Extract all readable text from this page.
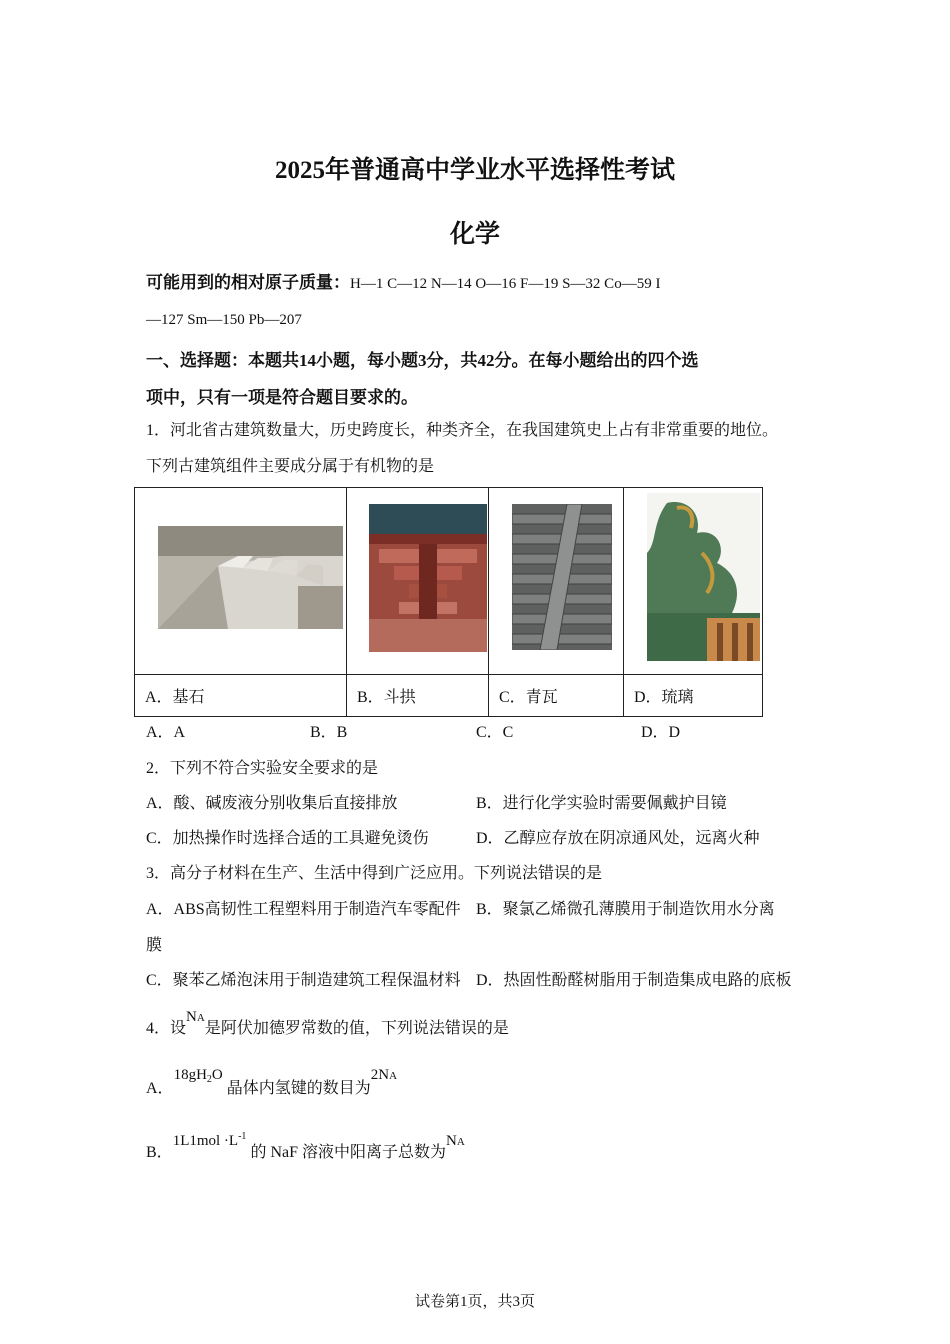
2025年普通高中学业水平选择性考试
化学
可能用到的相对原子质量：H—1 C—12 N—14 O—16 F—19 S—32 Co—59 I
—127 Sm—150 Pb—207
一、选择题：本题共14小题，每小题3分，共42分。在每小题给出的四个选
项中，只有一项是符合题目要求的。
1．河北省古建筑数量大，历史跨度长，种类齐全，在我国建筑史上占有非常重要的地位。
下列古建筑组件主要成分属于有机物的是

A．基石	B．斗拱	C．青瓦	D．琉璃
A．A	B．B	C．C	D．D
2．下列不符合实验安全要求的是
A．酸、碱废液分别收集后直接排放	B．进行化学实验时需要佩戴护目镜
C．加热操作时选择合适的工具避免烫伤	D．乙醇应存放在阴凉通风处，远离火种
3．高分子材料在生产、生活中得到广泛应用。下列说法错误的是
A．ABS高韧性工程塑料用于制造汽车零配件 B．聚氯乙烯微孔薄膜用于制造饮用水分离
膜
C．聚苯乙烯泡沫用于制造建筑工程保温材料 D．热固性酚醛树脂用于制造集成电路的底板
4．设NA是阿伏加德罗常数的值，下列说法错误的是
A．$18gH_2O$ 晶体内氢键的数目为2NA
B．$1L1mol \cdot L^{-1}$ 的 NaF 溶液中阳离子总数为NA
试卷第1页，共3页
